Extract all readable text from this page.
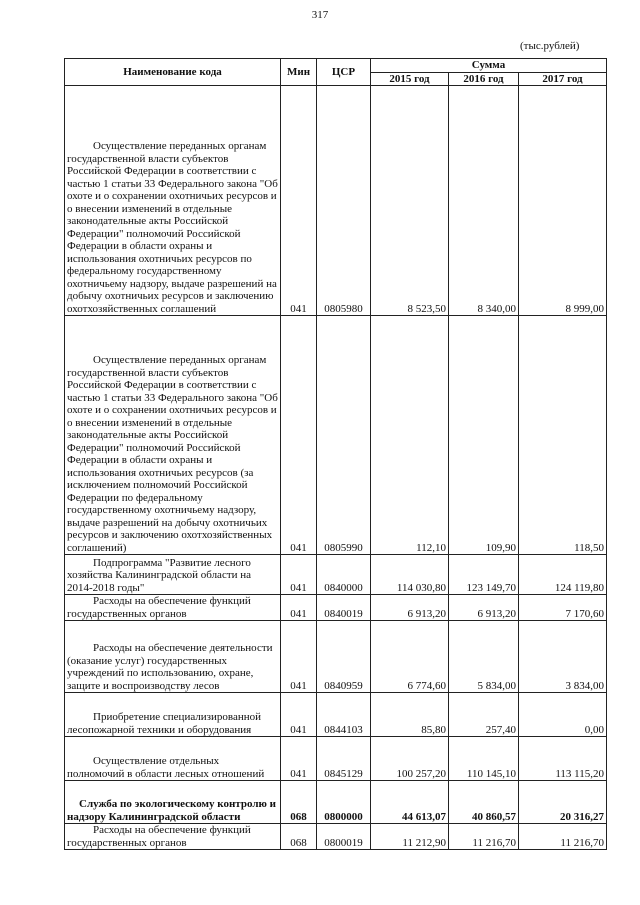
317
(тыс.рублей)
Наименование кода	Мин	ЦСР	Сумма		
			2015 год	2016 год	2017 год

Осуществление переданных органам государственной власти субъектов Российской Федерации в соответствии с частью 1 статьи 33 Федерального закона "Об охоте и о сохранении охотничьих ресурсов и о внесении изменений в отдельные законодательные акты Российской Федерации" полномочий Российской Федерации в области охраны и использования охотничьих ресурсов по федеральному государственному охотничьему надзору, выдаче разрешений на добычу охотничьих ресурсов и заключению охотхозяйственных соглашений	041	0805980	8 523,50	8 340,00	8 999,00

Осуществление переданных органам государственной власти субъектов Российской Федерации в соответствии с частью 1 статьи 33 Федерального закона "Об охоте и о сохранении охотничьих ресурсов и о внесении изменений в отдельные законодательные акты Российской Федерации" полномочий Российской Федерации в области охраны и использования охотничьих ресурсов (за исключением полномочий Российской Федерации по федеральному государственному охотничьему надзору, выдаче разрешений на добычу охотничьих ресурсов и заключению охотхозяйственных соглашений)	041	0805990	112,10	109,90	118,50

Подпрограмма "Развитие лесного хозяйства Калининградской области на 2014-2018 годы"	041	0840000	114 030,80	123 149,70	124 119,80

Расходы на обеспечение функций государственных органов	041	0840019	6 913,20	6 913,20	7 170,60

Расходы на обеспечение деятельности (оказание услуг) государственных учреждений по использованию, охране, защите и воспроизводству лесов	041	0840959	6 774,60	5 834,00	3 834,00

Приобретение специализированной лесопожарной техники и оборудования	041	0844103	85,80	257,40	0,00

Осуществление отдельных полномочий в области лесных отношений	041	0845129	100 257,20	110 145,10	113 115,20

Служба по экологическому контролю и надзору Калининградской области	068	0800000	44 613,07	40 860,57	20 316,27

Расходы на обеспечение функций государственных органов	068	0800019	11 212,90	11 216,70	11 216,70
